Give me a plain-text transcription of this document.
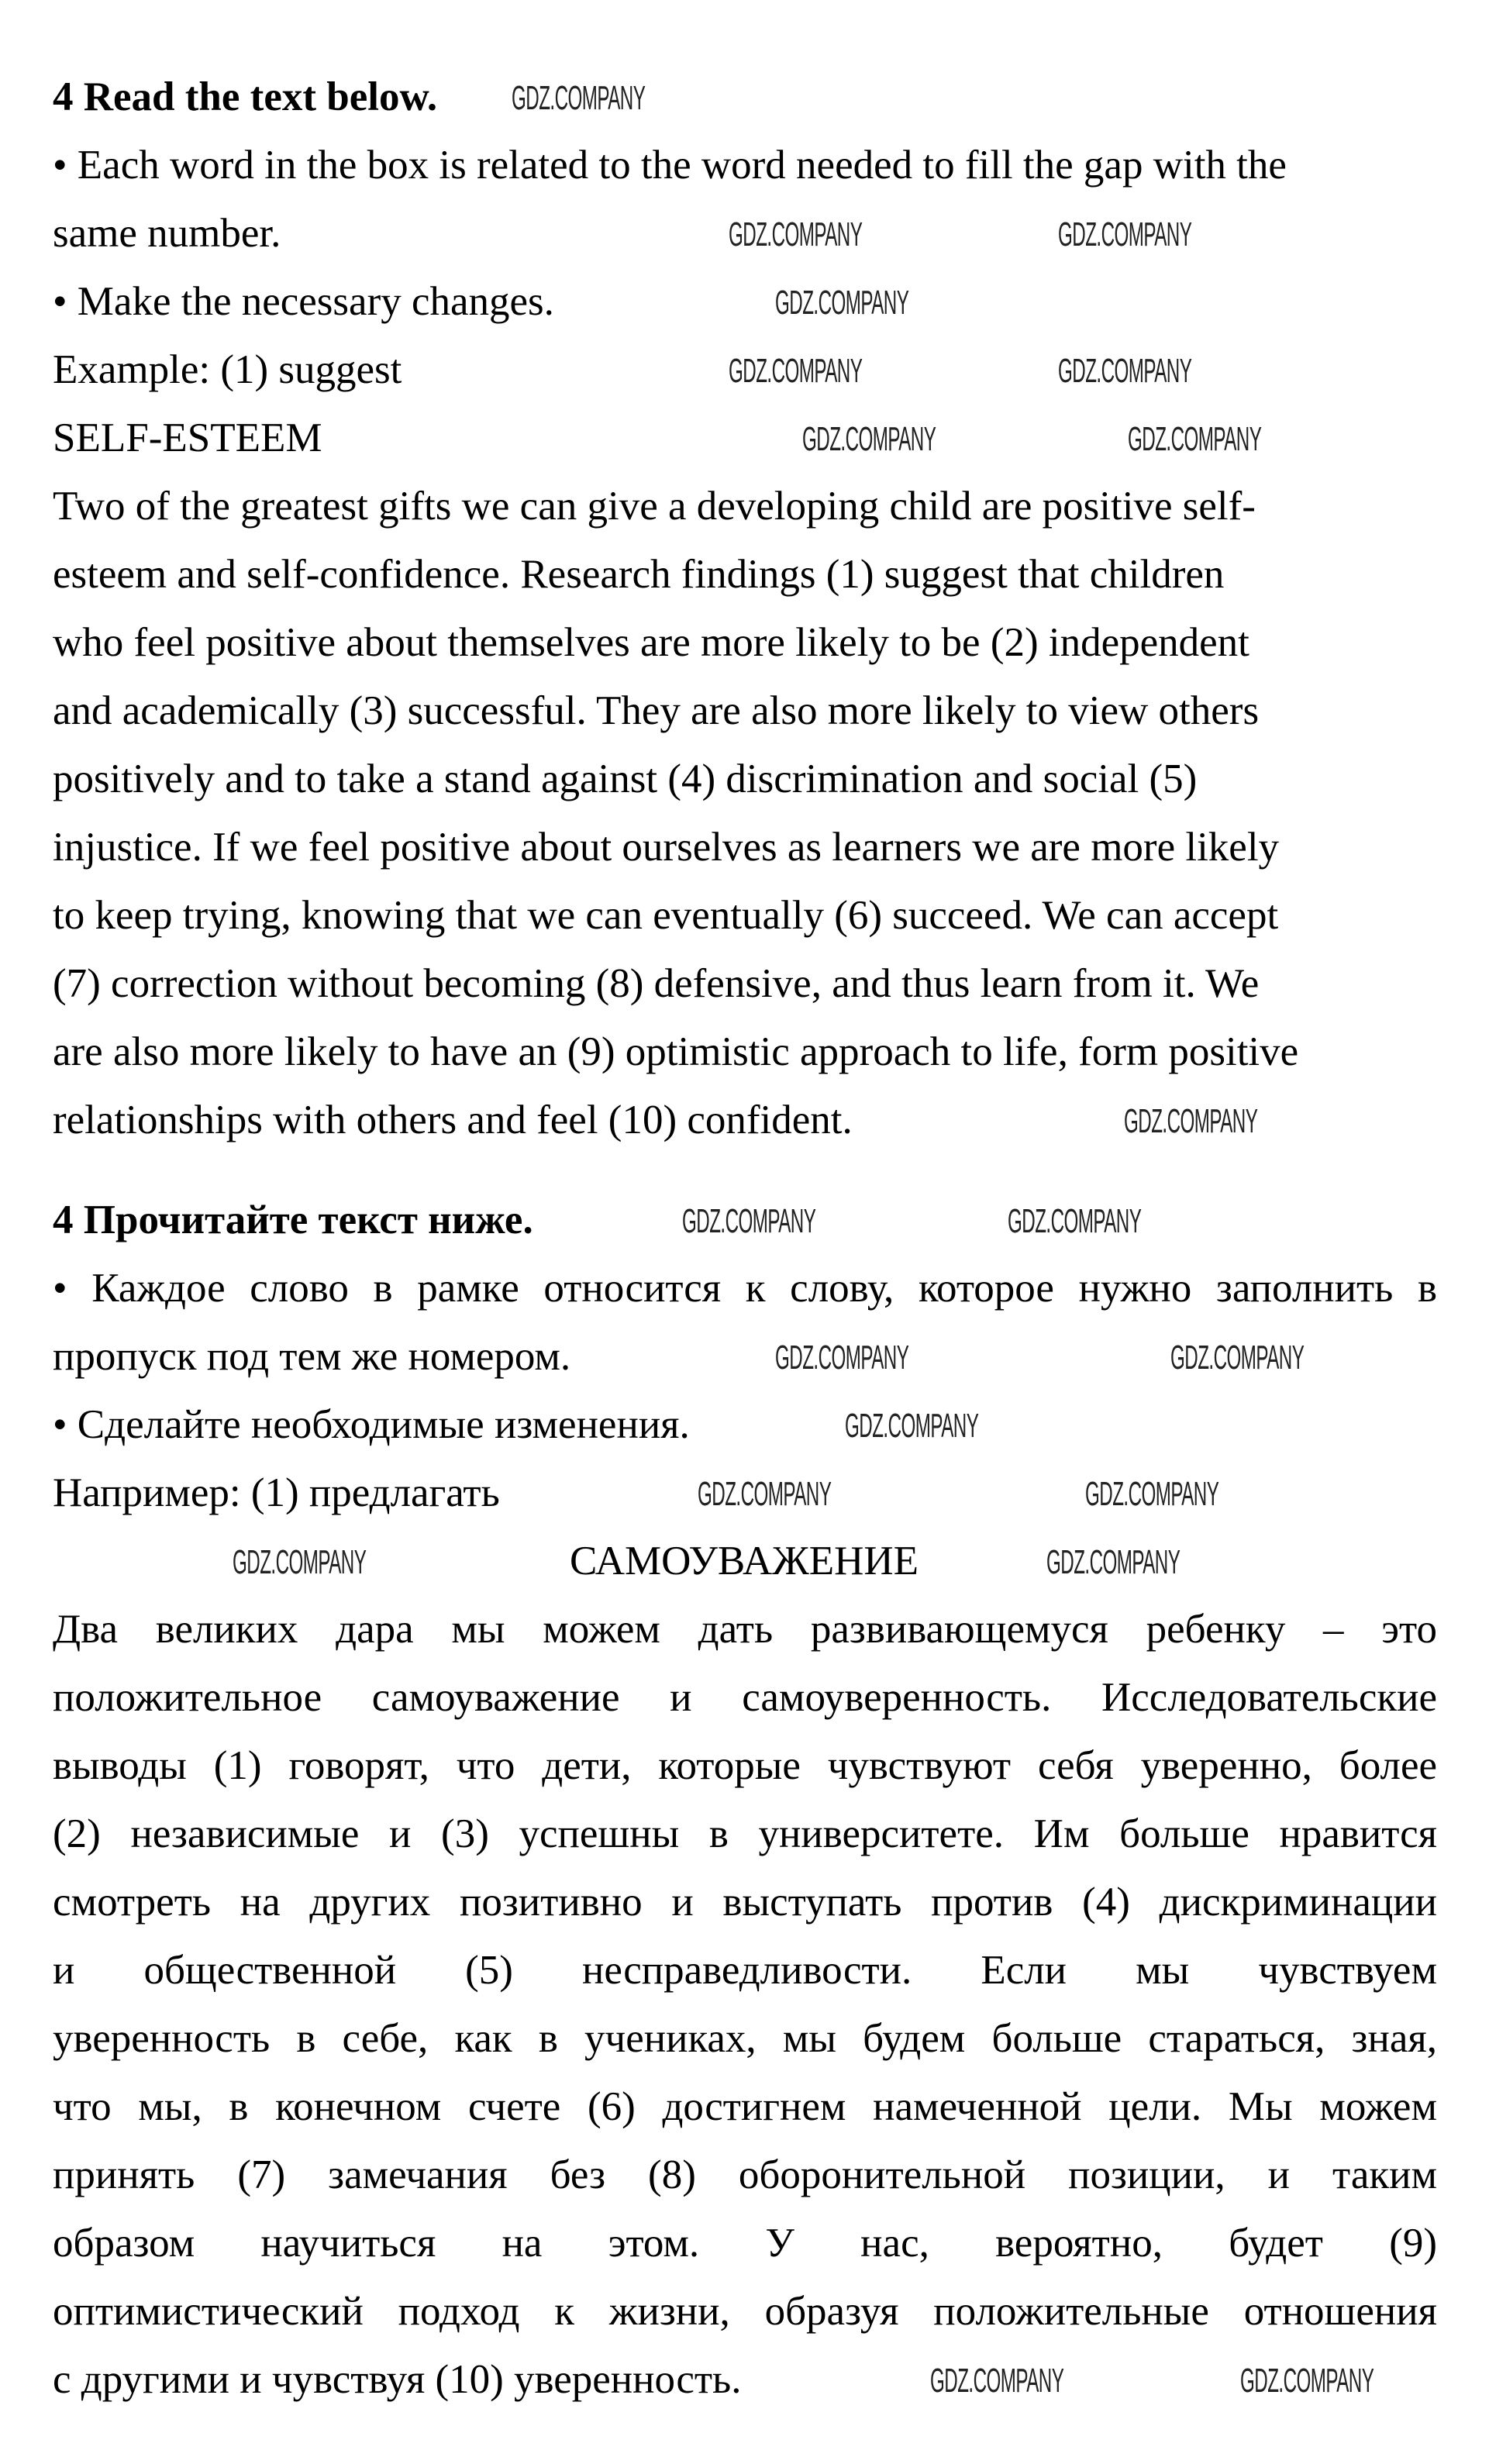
4 Read the text below.
• Each word in the box is related to the word needed to fill the gap with the
same number.
• Make the necessary changes.
Example: (1) suggest
SELF-ESTEEM
Two of the greatest gifts we can give a developing child are positive self-
esteem and self-confidence. Research findings (1) suggest that children
who feel positive about themselves are more likely to be (2) independent
and academically (3) successful. They are also more likely to view others
positively and to take a stand against (4) discrimination and social (5)
injustice. If we feel positive about ourselves as learners we are more likely
to keep trying, knowing that we can eventually (6) succeed. We can accept
(7) correction without becoming (8) defensive, and thus learn from it. We
are also more likely to have an (9) optimistic approach to life, form positive
relationships with others and feel (10) confident.
4 Прочитайте текст ниже.
• Каждое слово в рамке относится к слову, которое нужно заполнить в
пропуск под тем же номером.
• Сделайте необходимые изменения.
Например: (1) предлагать
САМОУВАЖЕНИЕ
Два великих дара мы можем дать развивающемуся ребенку – это
положительное самоуважение и самоуверенность. Исследовательские
выводы (1) говорят, что дети, которые чувствуют себя уверенно, более
(2) независимые и (3) успешны в университете. Им больше нравится
смотреть на других позитивно и выступать против (4) дискриминации
и общественной (5) несправедливости. Если мы чувствуем
уверенность в себе, как в учениках, мы будем больше стараться, зная,
что мы, в конечном счете (6) достигнем намеченной цели. Мы можем
принять (7) замечания без (8) оборонительной позиции, и таким
образом научиться на этом. У нас, вероятно, будет (9)
оптимистический подход к жизни, образуя положительные отношения
с другими и чувствуя (10) уверенность.
GDZ.COMPANY
GDZ.COMPANY	GDZ.COMPANY
GDZ.COMPANY
GDZ.COMPANY	GDZ.COMPANY
GDZ.COMPANY	GDZ.COMPANY
GDZ.COMPANY
GDZ.COMPANY	GDZ.COMPANY
GDZ.COMPANY	GDZ.COMPANY
GDZ.COMPANY
GDZ.COMPANY	GDZ.COMPANY
GDZ.COMPANY	GDZ.COMPANY
GDZ.COMPANY	GDZ.COMPANY
